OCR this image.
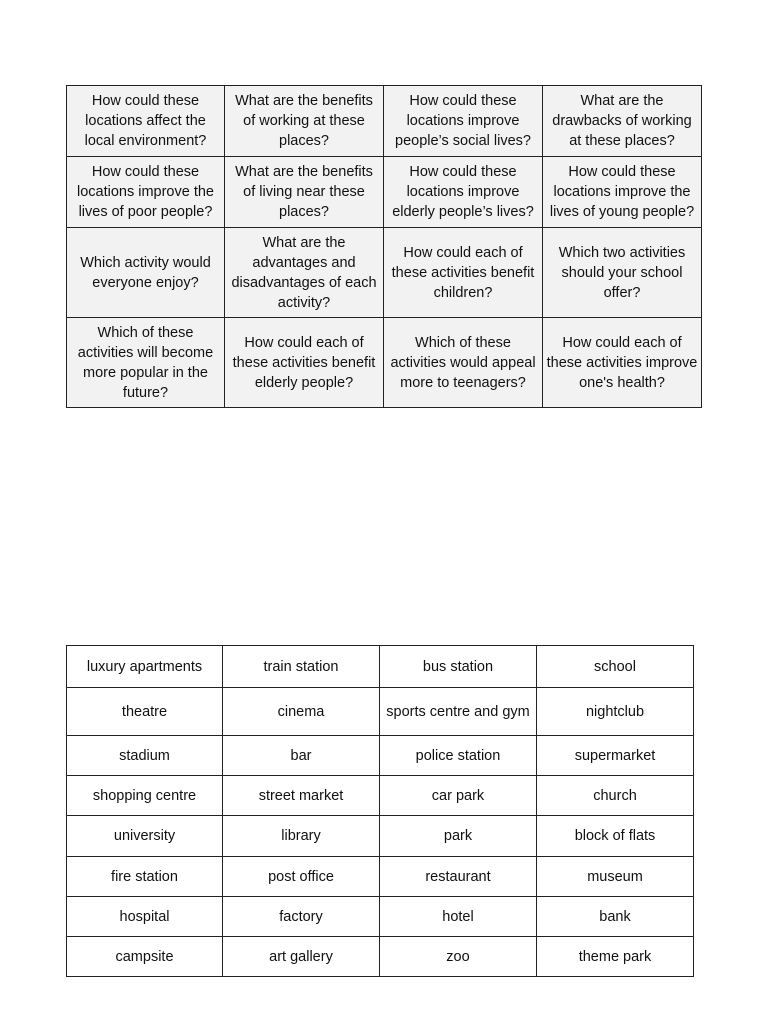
How could these locations affect the local environment?	What are the benefits of working at these places?	How could these locations improve people’s social lives?	What are the drawbacks of working at these places?
How could these locations improve the lives of poor people?	What are the benefits of living near these places?	How could these locations improve elderly people’s lives?	How could these locations improve the lives of young people?
Which activity would everyone enjoy?	What are the advantages and disadvantages of each activity?	How could each of these activities benefit children?	Which two activities should your school offer?
Which of these activities will become more popular in the future?	How could each of these activities benefit elderly people?	Which of these activities would appeal more to teenagers?	How could each of these activities improve one's health?
luxury apartments	train station	bus station	school
theatre	cinema	sports centre and gym	nightclub
stadium	bar	police station	supermarket
shopping centre	street market	car park	church
university	library	park	block of flats
fire station	post office	restaurant	museum
hospital	factory	hotel	bank
campsite	art gallery	zoo	theme park
